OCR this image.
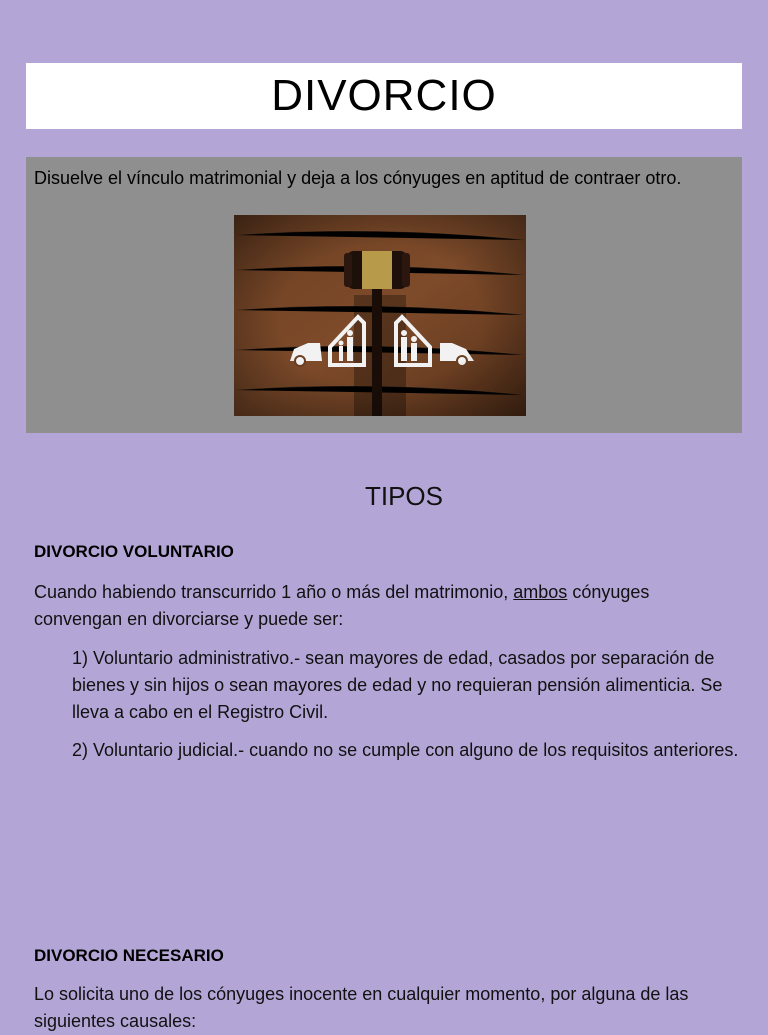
DIVORCIO
Disuelve el vínculo matrimonial y deja a los cónyuges en aptitud de contraer otro.
TIPOS
DIVORCIO VOLUNTARIO
Cuando habiendo transcurrido 1 año o más del matrimonio, ambos cónyuges convengan en divorciarse y puede ser:
1) Voluntario administrativo.- sean mayores de edad, casados por separación de bienes y sin hijos o sean mayores de edad y no requieran pensión alimenticia. Se lleva a cabo en el Registro Civil.
2) Voluntario judicial.- cuando no se cumple con alguno de los requisitos anteriores.
DIVORCIO NECESARIO
Lo solicita uno de los cónyuges inocente en cualquier momento, por alguna de las siguientes causales:
